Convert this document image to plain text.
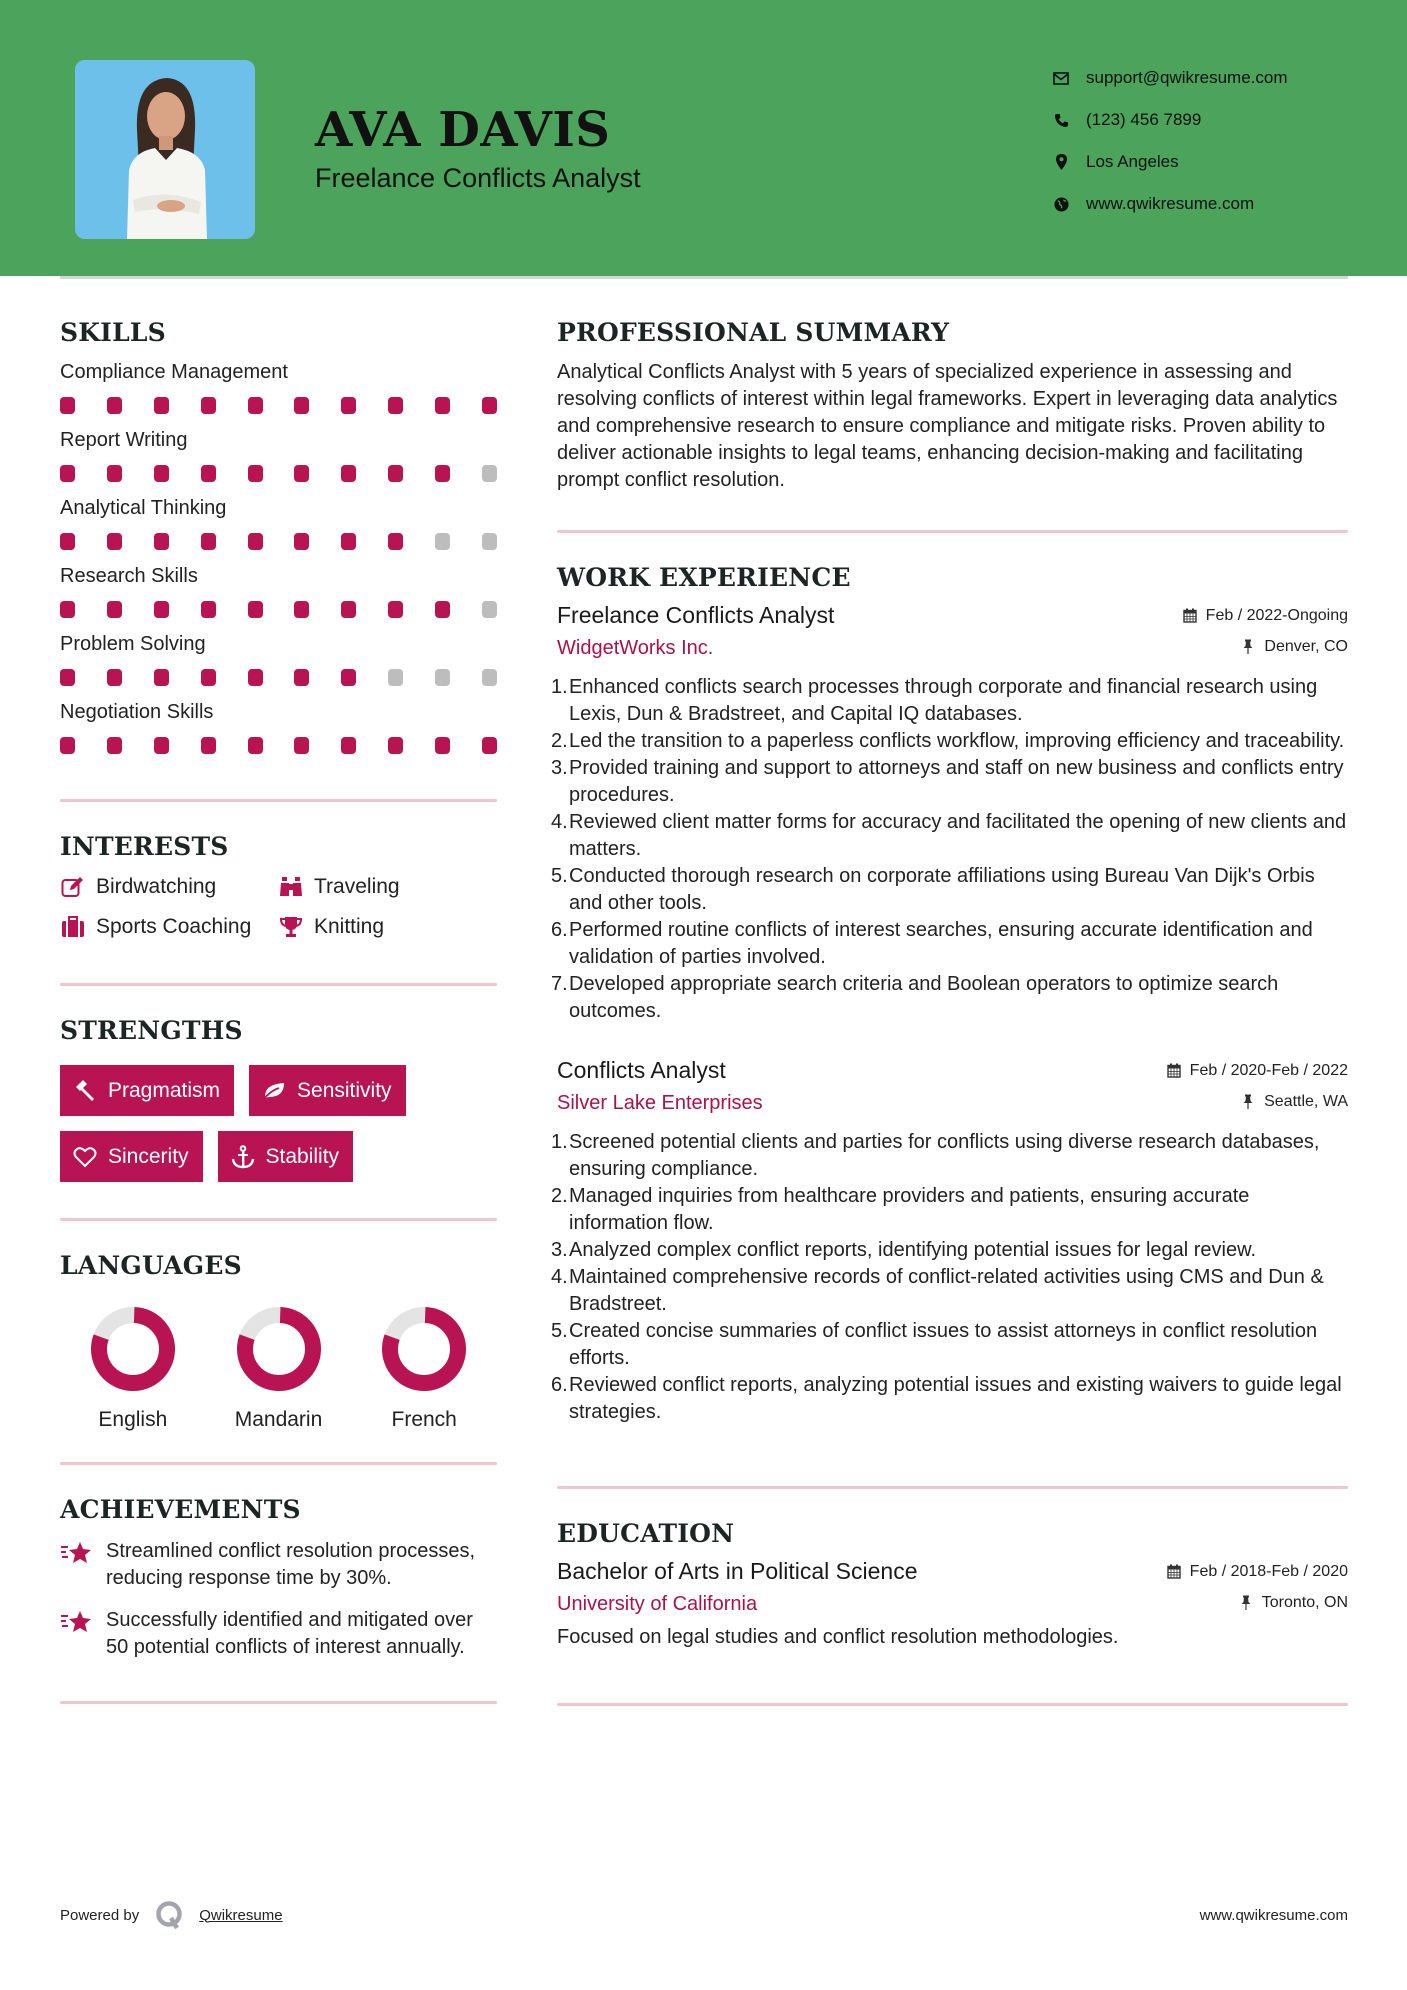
AVA DAVIS
Freelance Conflicts Analyst
support@qwikresume.com
(123) 456 7899
Los Angeles
www.qwikresume.com
SKILLS
Compliance Management
Report Writing
Analytical Thinking
Research Skills
Problem Solving
Negotiation Skills
INTERESTS
Birdwatching	Traveling
Sports Coaching	Knitting
STRENGTHS
Pragmatism	Sensitivity
Sincerity	Stability
LANGUAGES
English	Mandarin	French
ACHIEVEMENTS
Streamlined conflict resolution processes, reducing response time by 30%.
Successfully identified and mitigated over 50 potential conflicts of interest annually.
PROFESSIONAL SUMMARY

Analytical Conflicts Analyst with 5 years of specialized experience in assessing and resolving conflicts of interest within legal frameworks. Expert in leveraging data analytics and comprehensive research to ensure compliance and mitigate risks. Proven ability to deliver actionable insights to legal teams, enhancing decision-making and facilitating prompt conflict resolution.

WORK EXPERIENCE
Freelance Conflicts Analyst	Feb / 2022-Ongoing
WidgetWorks Inc.	Denver, CO
1. Enhanced conflicts search processes through corporate and financial research using Lexis, Dun & Bradstreet, and Capital IQ databases.
2. Led the transition to a paperless conflicts workflow, improving efficiency and traceability.
3. Provided training and support to attorneys and staff on new business and conflicts entry procedures.
4. Reviewed client matter forms for accuracy and facilitated the opening of new clients and matters.
5. Conducted thorough research on corporate affiliations using Bureau Van Dijk's Orbis and other tools.
6. Performed routine conflicts of interest searches, ensuring accurate identification and validation of parties involved.
7. Developed appropriate search criteria and Boolean operators to optimize search outcomes.
Conflicts Analyst	Feb / 2020-Feb / 2022
Silver Lake Enterprises	Seattle, WA
1. Screened potential clients and parties for conflicts using diverse research databases, ensuring compliance.
2. Managed inquiries from healthcare providers and patients, ensuring accurate information flow.
3. Analyzed complex conflict reports, identifying potential issues for legal review.
4. Maintained comprehensive records of conflict-related activities using CMS and Dun & Bradstreet.
5. Created concise summaries of conflict issues to assist attorneys in conflict resolution efforts.
6. Reviewed conflict reports, analyzing potential issues and existing waivers to guide legal strategies.
EDUCATION
Bachelor of Arts in Political Science	Feb / 2018-Feb / 2020
University of California	Toronto, ON

Focused on legal studies and conflict resolution methodologies.

Powered by	Qwikresume	www.qwikresume.com
